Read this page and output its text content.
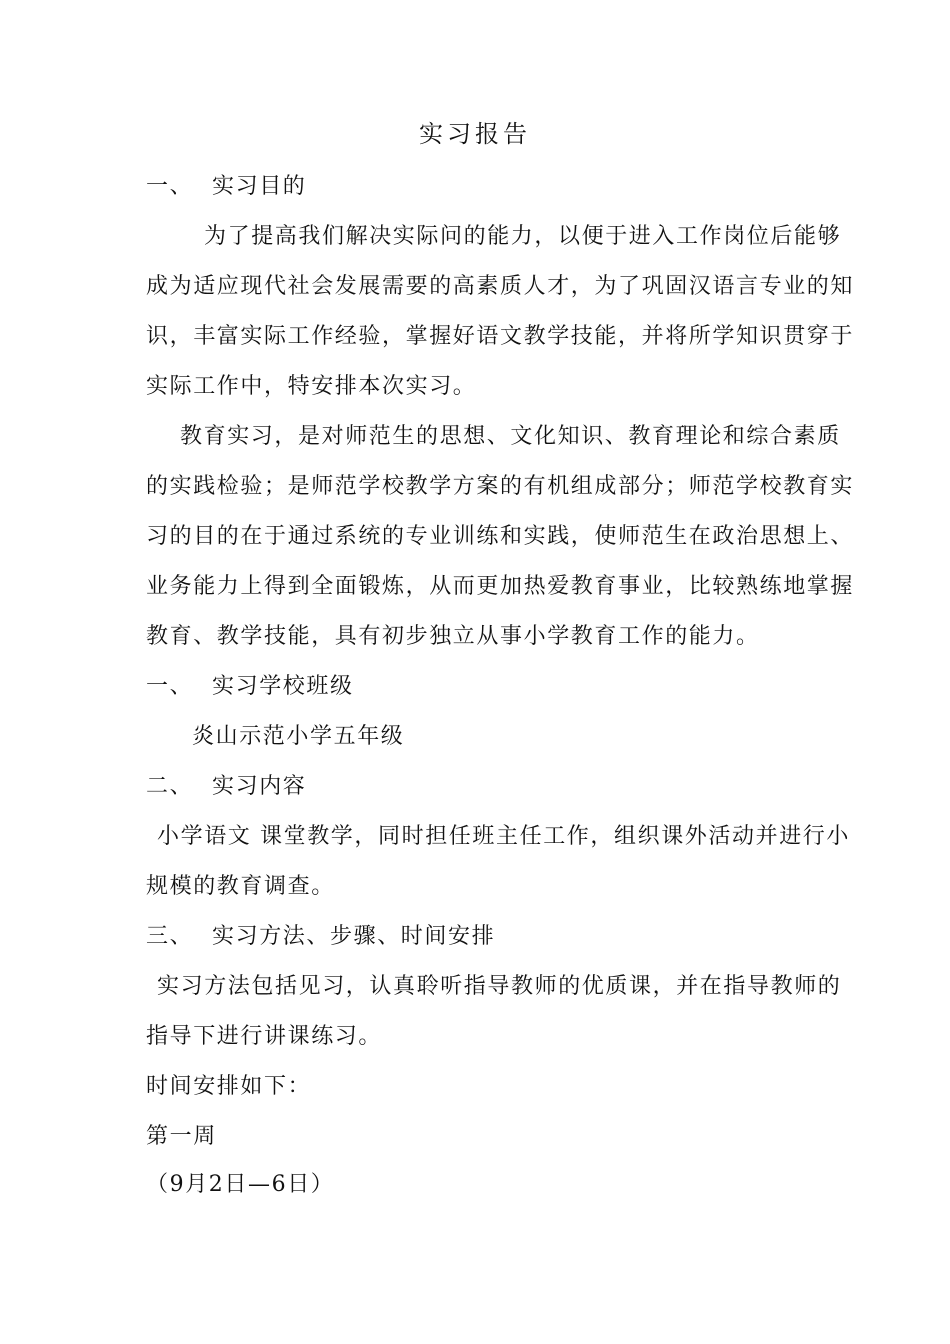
实习报告
一、 实习目的
为了提高我们解决实际问的能力，以便于进入工作岗位后能够
成为适应现代社会发展需要的高素质人才，为了巩固汉语言专业的知
识，丰富实际工作经验，掌握好语文教学技能，并将所学知识贯穿于
实际工作中，特安排本次实习。
教育实习，是对师范生的思想、文化知识、教育理论和综合素质
的实践检验；是师范学校教学方案的有机组成部分；师范学校教育实
习的目的在于通过系统的专业训练和实践，使师范生在政治思想上、
业务能力上得到全面锻炼，从而更加热爱教育事业，比较熟练地掌握
教育、教学技能，具有初步独立从事小学教育工作的能力。
一、 实习学校班级
炎山示范小学五年级
二、 实习内容
小学语文 课堂教学，同时担任班主任工作，组织课外活动并进行小
规模的教育调查。
三、 实习方法、步骤、时间安排
实习方法包括见习，认真聆听指导教师的优质课，并在指导教师的
指导下进行讲课练习。
时间安排如下：
第一周
（9月2日—6日）
